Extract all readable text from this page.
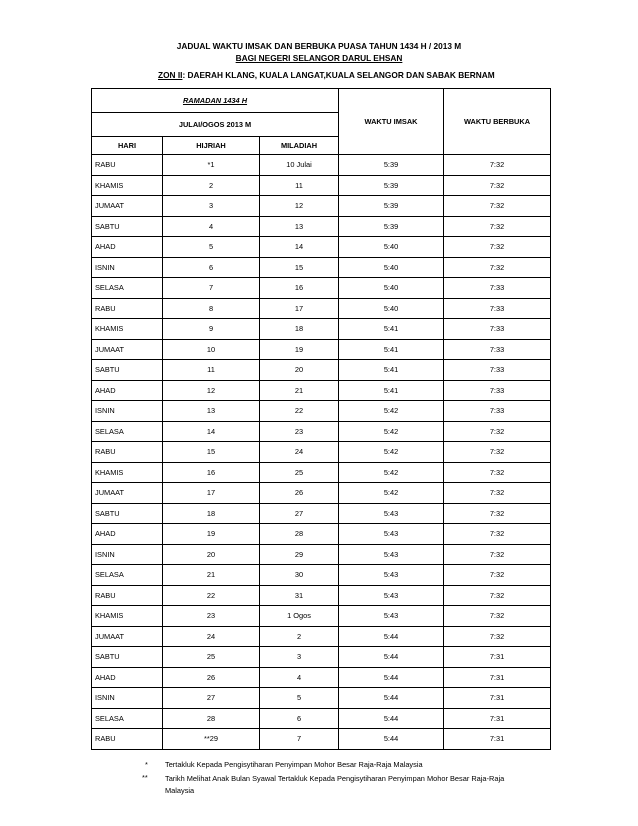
JADUAL WAKTU IMSAK DAN BERBUKA PUASA TAHUN 1434 H / 2013 M
BAGI NEGERI SELANGOR DARUL EHSAN
ZON II: DAERAH KLANG, KUALA LANGAT,KUALA SELANGOR DAN SABAK BERNAM
RAMADAN 1434 H			WAKTU IMSAK	WAKTU BERBUKA
JULAI/OGOS 2013 M				
HARI	HIJRIAH	MILADIAH		
RABU	*1	10 Julai	5:39	7:32
KHAMIS	2	11	5:39	7:32
JUMAAT	3	12	5:39	7:32
SABTU	4	13	5:39	7:32
AHAD	5	14	5:40	7:32
ISNIN	6	15	5:40	7:32
SELASA	7	16	5:40	7:33
RABU	8	17	5:40	7:33
KHAMIS	9	18	5:41	7:33
JUMAAT	10	19	5:41	7:33
SABTU	11	20	5:41	7:33
AHAD	12	21	5:41	7:33
ISNIN	13	22	5:42	7:33
SELASA	14	23	5:42	7:32
RABU	15	24	5:42	7:32
KHAMIS	16	25	5:42	7:32
JUMAAT	17	26	5:42	7:32
SABTU	18	27	5:43	7:32
AHAD	19	28	5:43	7:32
ISNIN	20	29	5:43	7:32
SELASA	21	30	5:43	7:32
RABU	22	31	5:43	7:32
KHAMIS	23	1 Ogos	5:43	7:32
JUMAAT	24	2	5:44	7:32
SABTU	25	3	5:44	7:31
AHAD	26	4	5:44	7:31
ISNIN	27	5	5:44	7:31
SELASA	28	6	5:44	7:31
RABU	**29	7	5:44	7:31
* Tertakluk Kepada Pengisytiharan Penyimpan Mohor Besar Raja-Raja Malaysia
** Tarikh Melihat Anak Bulan Syawal Tertakluk Kepada Pengisytiharan Penyimpan Mohor Besar Raja-Raja Malaysia
